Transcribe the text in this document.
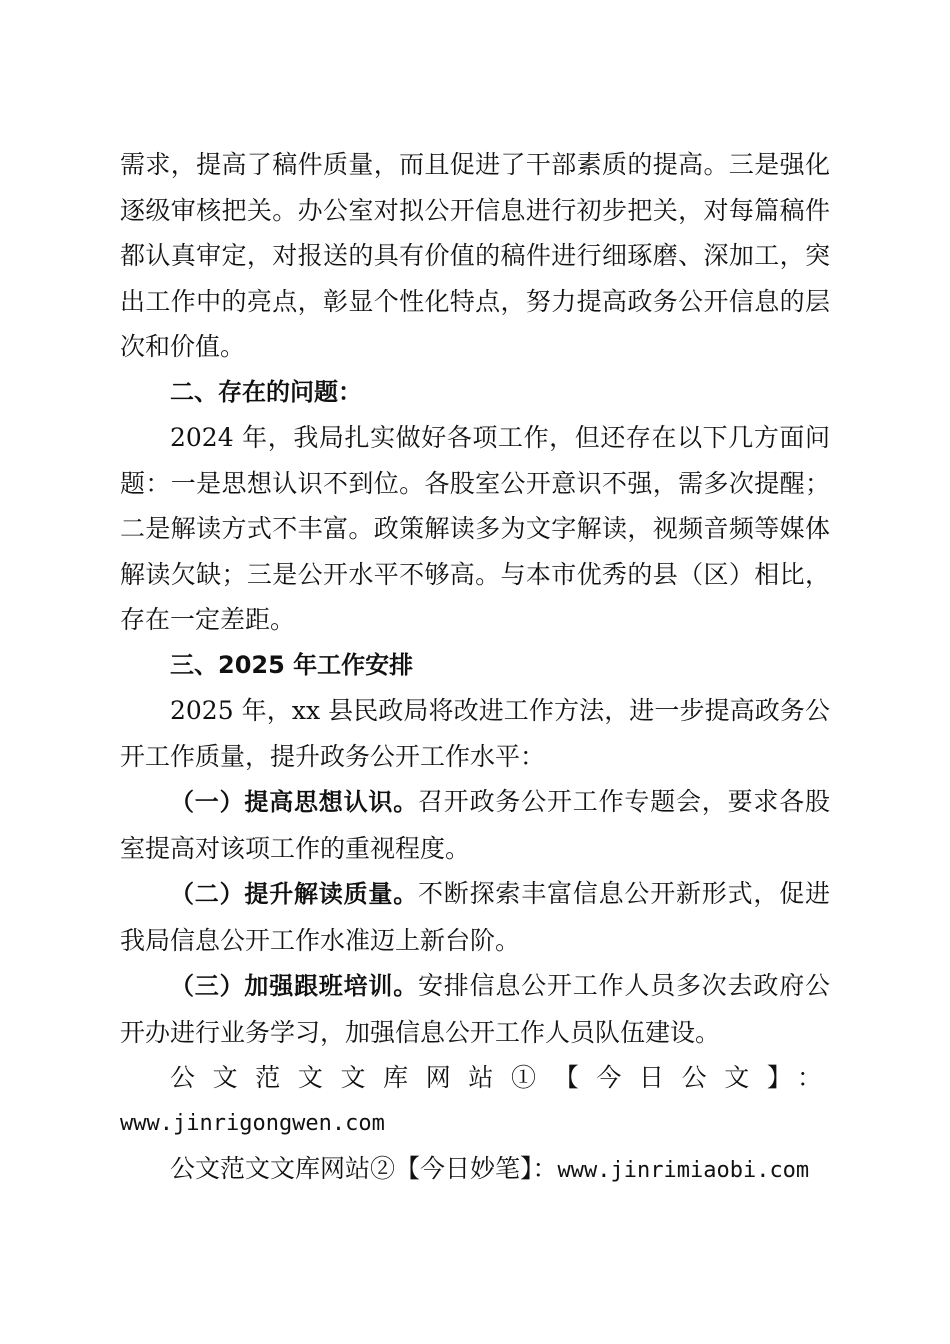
需求，提高了稿件质量，而且促进了干部素质的提高。三是强化逐级审核把关。办公室对拟公开信息进行初步把关，对每篇稿件都认真审定，对报送的具有价值的稿件进行细琢磨、深加工，突出工作中的亮点，彰显个性化特点，努力提高政务公开信息的层次和价值。

二、存在的问题：

2024 年，我局扎实做好各项工作，但还存在以下几方面问题：一是思想认识不到位。各股室公开意识不强，需多次提醒；二是解读方式不丰富。政策解读多为文字解读，视频音频等媒体解读欠缺；三是公开水平不够高。与本市优秀的县（区）相比，存在一定差距。

三、2025 年工作安排

2025 年，xx 县民政局将改进工作方法，进一步提高政务公开工作质量，提升政务公开工作水平：

（一）提高思想认识。召开政务公开工作专题会，要求各股室提高对该项工作的重视程度。

（二）提升解读质量。不断探索丰富信息公开新形式，促进我局信息公开工作水准迈上新台阶。

（三）加强跟班培训。安排信息公开工作人员多次去政府公开办进行业务学习，加强信息公开工作人员队伍建设。

公文范文文库网站①【今日公文】：

www.jinrigongwen.com

公文范文文库网站②【今日妙笔】：www.jinrimiaobi.com
